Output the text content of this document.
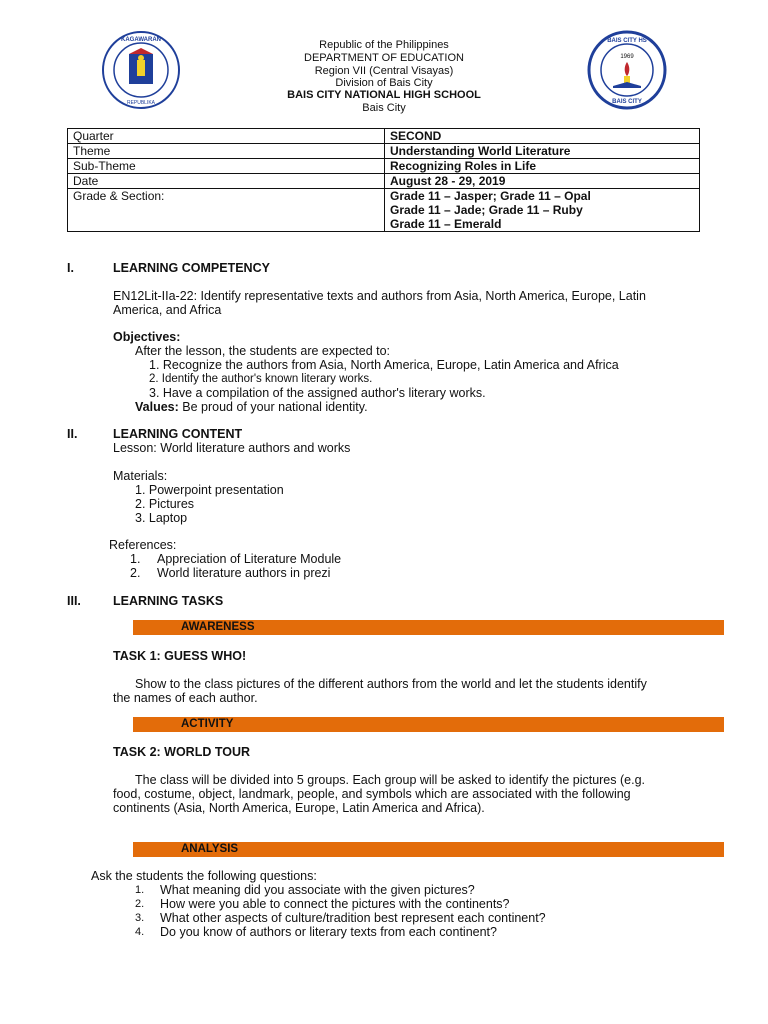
KAGAWARAN
REPUBLIKA
BAIS CITY HS
1969
BAIS CITY
Republic of the Philippines
DEPARTMENT OF EDUCATION
Region VII (Central Visayas)
Division of Bais City
BAIS CITY NATIONAL HIGH SCHOOL
Bais City
Quarter	SECOND
Theme	Understanding World Literature
Sub-Theme	Recognizing Roles in Life
Date	August 28 - 29, 2019
Grade & Section:	Grade 11 – Jasper; Grade 11 – Opal
Grade 11 – Jade; Grade 11 – Ruby
Grade 11 – Emerald
I.	LEARNING COMPETENCY
EN12Lit-IIa-22: Identify representative texts and authors from Asia, North America, Europe, Latin
America, and Africa
Objectives:
After the lesson, the students are expected to:
1. Recognize the authors from Asia, North America, Europe, Latin America and Africa
2. Identify the author's known literary works.
3. Have a compilation of the assigned author's literary works.
Values: Be proud of your national identity.
II.	LEARNING CONTENT
Lesson: World literature authors and works
Materials:
1. Powerpoint presentation
2. Pictures
3. Laptop
References:
1. Appreciation of Literature Module
2. World literature authors in prezi
III.	LEARNING TASKS
AWARENESS
TASK 1: GUESS WHO!
Show to the class pictures of the different authors from the world and let the students identify
the names of each author.
ACTIVITY
TASK 2: WORLD TOUR
The class will be divided into 5 groups. Each group will be asked to identify the pictures (e.g.
food, costume, object, landmark, people, and symbols which are associated with the following
continents (Asia, North America, Europe, Latin America and Africa).
ANALYSIS
Ask the students the following questions:
1. What meaning did you associate with the given pictures?
2. How were you able to connect the pictures with the continents?
3. What other aspects of culture/tradition best represent each continent?
4. Do you know of authors or literary texts from each continent?
